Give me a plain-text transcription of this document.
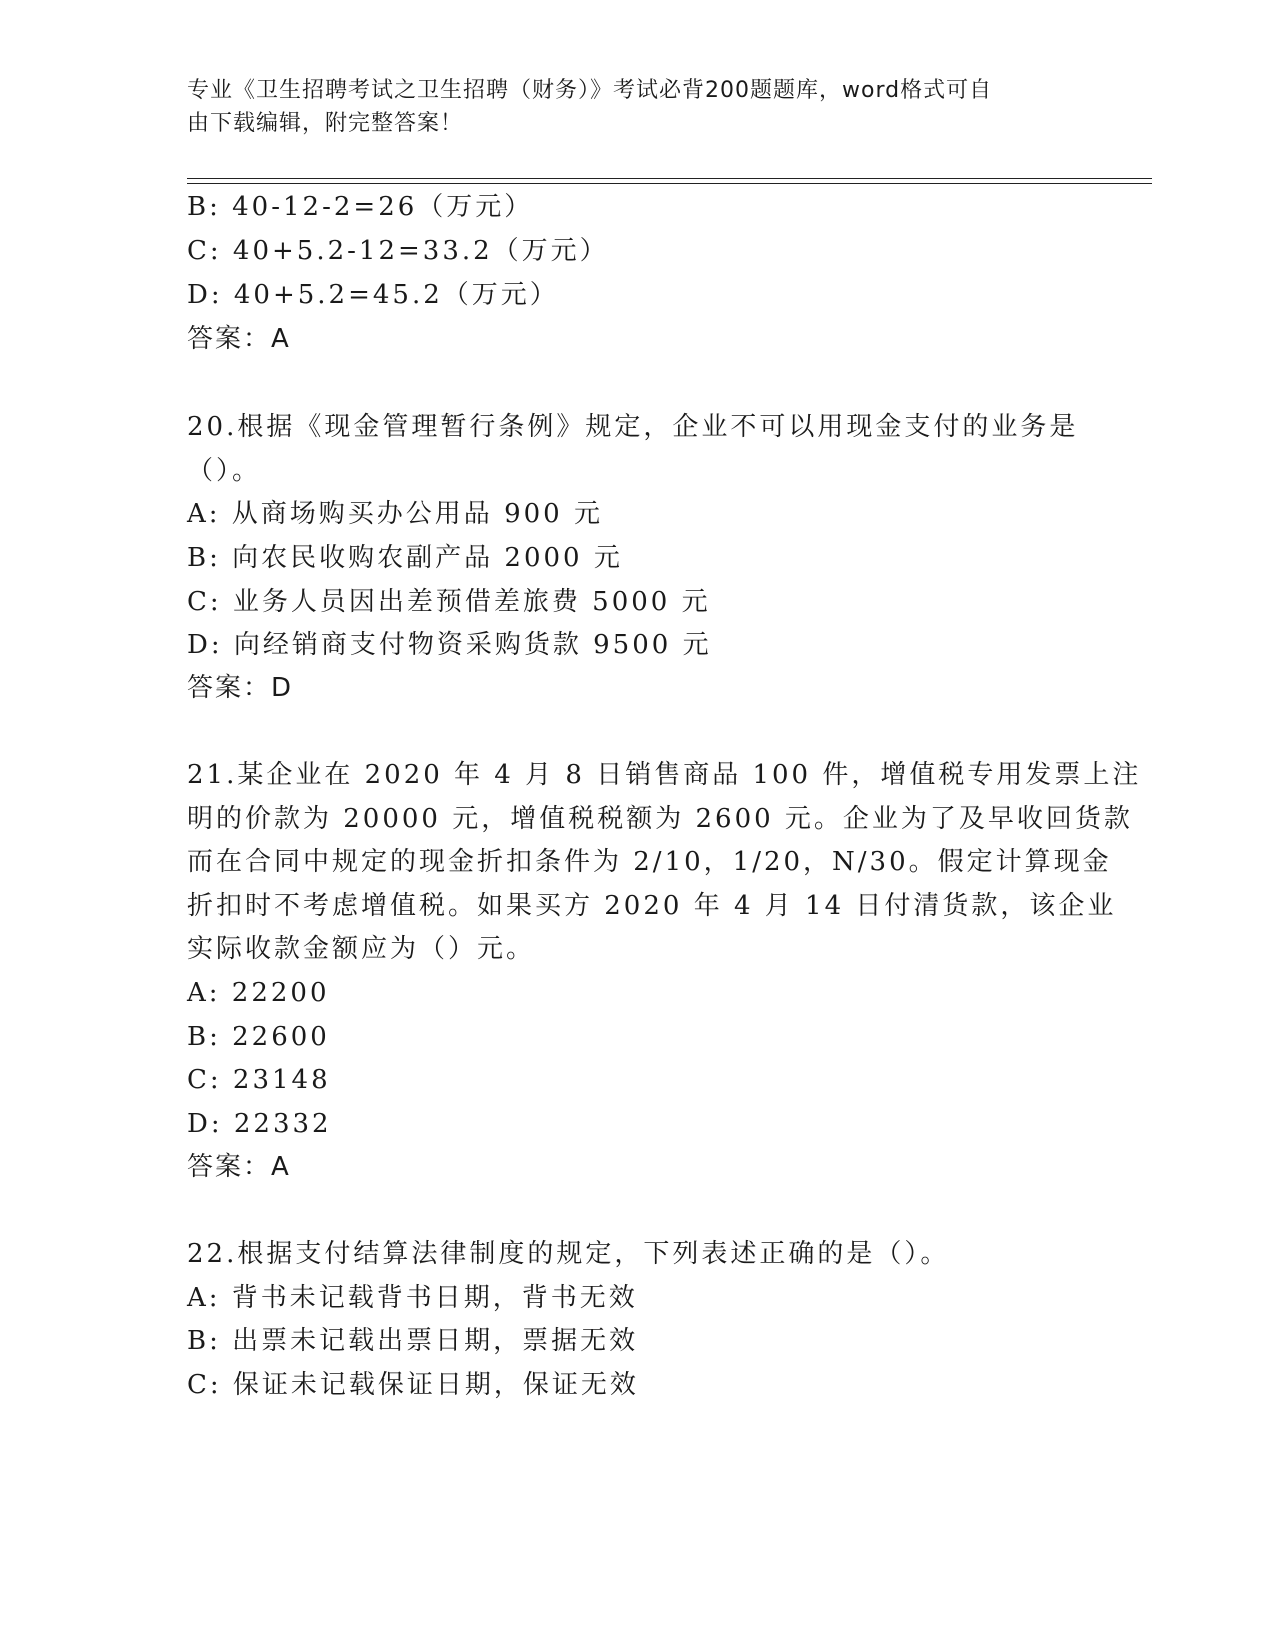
专业《卫生招聘考试之卫生招聘（财务）》考试必背200题题库，word格式可自
由下载编辑，附完整答案！
B: 40-12-2=26（万元）
C: 40+5.2-12=33.2（万元）
D: 40+5.2=45.2（万元）
答案：A
20.根据《现金管理暂行条例》规定，企业不可以用现金支付的业务是
（）。
A: 从商场购买办公用品 900 元
B: 向农民收购农副产品 2000 元
C: 业务人员因出差预借差旅费 5000 元
D: 向经销商支付物资采购货款 9500 元
答案：D
21.某企业在 2020 年 4 月 8 日销售商品 100 件，增值税专用发票上注
明的价款为 20000 元，增值税税额为 2600 元。企业为了及早收回货款
而在合同中规定的现金折扣条件为 2/10，1/20，N/30。假定计算现金
折扣时不考虑增值税。如果买方 2020 年 4 月 14 日付清货款，该企业
实际收款金额应为（）元。
A: 22200
B: 22600
C: 23148
D: 22332
答案：A
22.根据支付结算法律制度的规定，下列表述正确的是（）。
A: 背书未记载背书日期，背书无效
B: 出票未记载出票日期，票据无效
C: 保证未记载保证日期，保证无效
